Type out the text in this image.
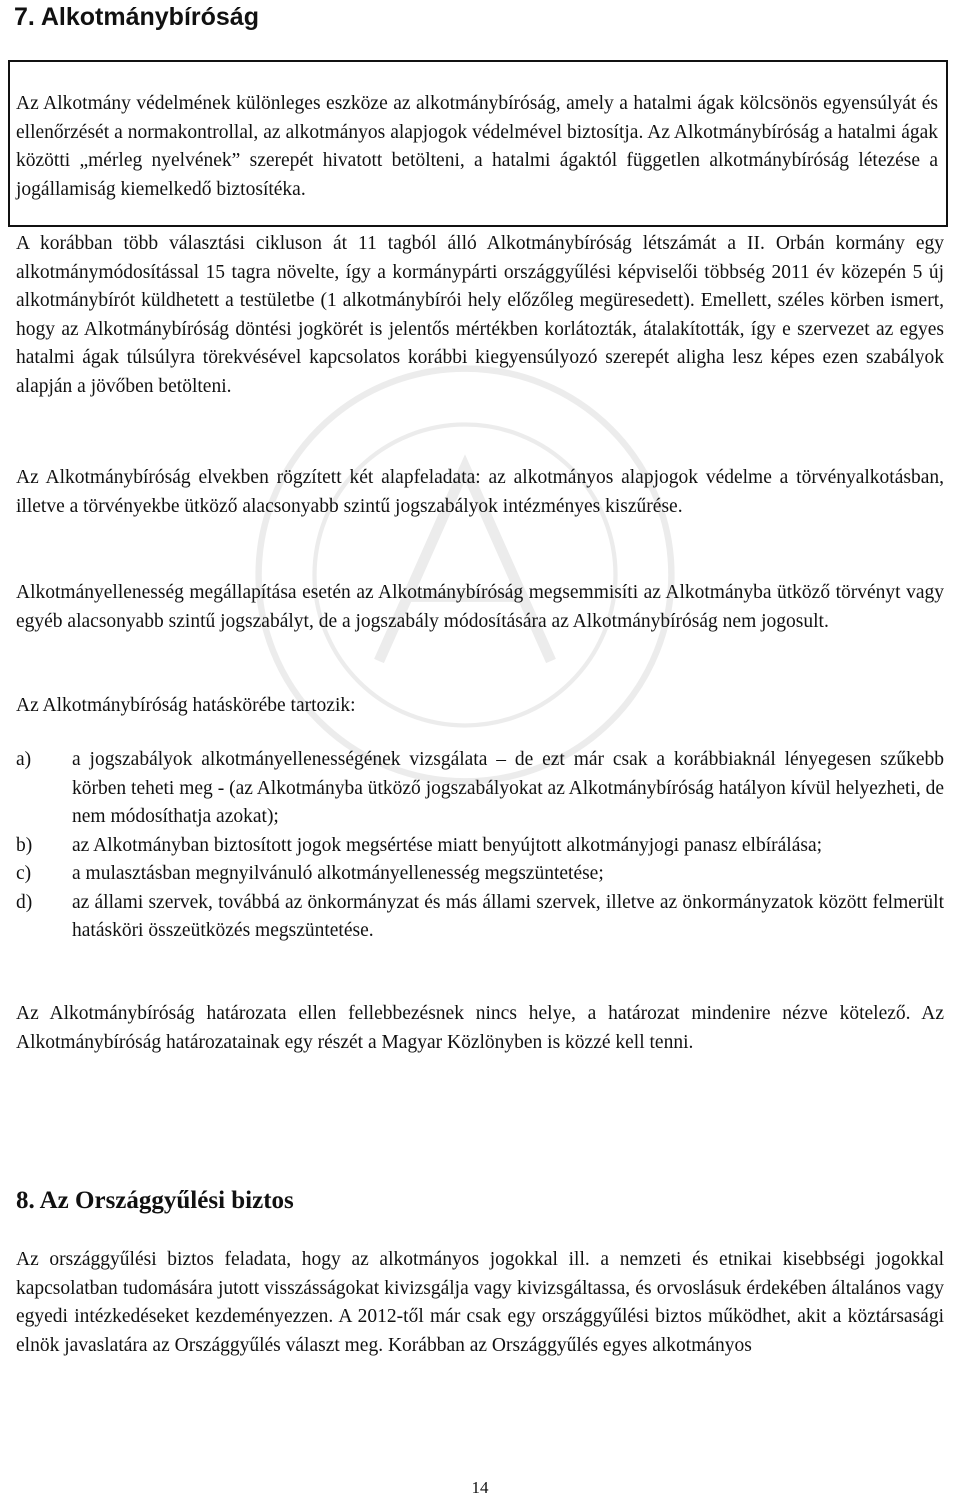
7. Alkotmánybíróság

Az Alkotmány védelmének különleges eszköze az alkotmánybíróság, amely a hatalmi ágak kölcsönös egyensúlyát és ellenőrzését a normakontrollal, az alkotmányos alapjogok védelmével biztosítja. Az Alkotmánybíróság a hatalmi ágak közötti „mérleg nyelvének” szerepét hivatott betölteni, a hatalmi ágaktól független alkotmánybíróság létezése a jogállamiság kiemelkedő biztosítéka.

A korábban több választási cikluson át 11 tagból álló Alkotmánybíróság létszámát a II. Orbán kormány egy alkotmánymódosítással 15 tagra növelte, így a kormánypárti országgyűlési képviselői többség 2011 év közepén 5 új alkotmánybírót küldhetett a testületbe (1 alkotmánybírói hely előzőleg megüresedett). Emellett, széles körben ismert, hogy az Alkotmánybíróság döntési jogkörét is jelentős mértékben korlátozták, átalakították, így e szervezet az egyes hatalmi ágak túlsúlyra törekvésével kapcsolatos korábbi kiegyensúlyozó szerepét aligha lesz képes ezen szabályok alapján a jövőben betölteni.

Az Alkotmánybíróság elvekben rögzített két alapfeladata: az alkotmányos alapjogok védelme a törvényalkotásban, illetve a törvényekbe ütköző alacsonyabb szintű jogszabályok intézményes kiszűrése.

Alkotmányellenesség megállapítása esetén az Alkotmánybíróság megsemmisíti az Alkotmányba ütköző törvényt vagy egyéb alacsonyabb szintű jogszabályt, de a jogszabály módosítására az Alkotmánybíróság nem jogosult.

Az Alkotmánybíróság hatáskörébe tartozik:

a) a jogszabályok alkotmányellenességének vizsgálata – de ezt már csak a korábbiaknál lényegesen szűkebb körben teheti meg - (az Alkotmányba ütköző jogszabályokat az Alkotmánybíróság hatályon kívül helyezheti, de nem módosíthatja azokat);
b) az Alkotmányban biztosított jogok megsértése miatt benyújtott alkotmányjogi panasz elbírálása;
c) a mulasztásban megnyilvánuló alkotmányellenesség megszüntetése;
d) az állami szervek, továbbá az önkormányzat és más állami szervek, illetve az önkormányzatok között felmerült hatásköri összeütközés megszüntetése.

Az Alkotmánybíróság határozata ellen fellebbezésnek nincs helye, a határozat mindenire nézve kötelező. Az Alkotmánybíróság határozatainak egy részét a Magyar Közlönyben is közzé kell tenni.

8. Az Országgyűlési biztos

Az országgyűlési biztos feladata, hogy az alkotmányos jogokkal ill. a nemzeti és etnikai kisebbségi jogokkal kapcsolatban tudomására jutott visszásságokat kivizsgálja vagy kivizsgáltassa, és orvoslásuk érdekében általános vagy egyedi intézkedéseket kezdeményezzen. A 2012-től már csak egy országgyűlési biztos működhet, akit a köztársasági elnök javaslatára az Országgyűlés választ meg. Korábban az Országgyűlés egyes alkotmányos

14
